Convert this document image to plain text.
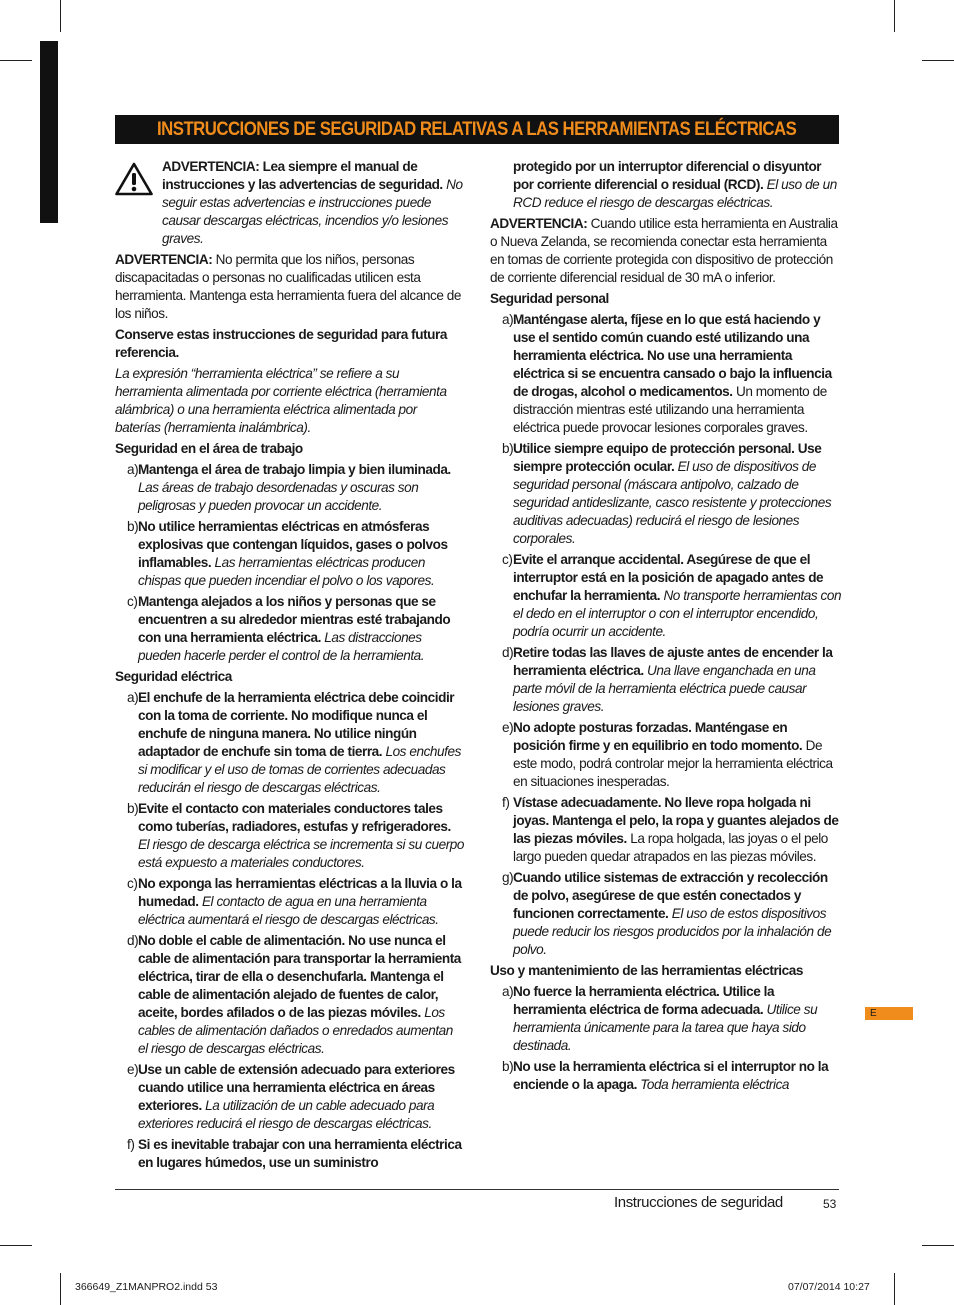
INSTRUCCIONES DE SEGURIDAD RELATIVAS A LAS HERRAMIENTAS ELÉCTRICAS

ADVERTENCIA: Lea siempre el manual de instrucciones y las advertencias de seguridad. No seguir estas advertencias e instrucciones puede causar descargas eléctricas, incendios y/o lesiones graves.

ADVERTENCIA: No permita que los niños, personas discapacitadas o personas no cualificadas utilicen esta herramienta. Mantenga esta herramienta fuera del alcance de los niños.

Conserve estas instrucciones de seguridad para futura referencia.

La expresión “herramienta eléctrica” se refiere a su herramienta alimentada por corriente eléctrica (herramienta alámbrica) o una herramienta eléctrica alimentada por baterías (herramienta inalámbrica).

Seguridad en el área de trabajo

a) Mantenga el área de trabajo limpia y bien iluminada. Las áreas de trabajo desordenadas y oscuras son peligrosas y pueden provocar un accidente.

b) No utilice herramientas eléctricas en atmósferas explosivas que contengan líquidos, gases o polvos inflamables. Las herramientas eléctricas producen chispas que pueden incendiar el polvo o los vapores.

c) Mantenga alejados a los niños y personas que se encuentren a su alrededor mientras esté trabajando con una herramienta eléctrica. Las distracciones pueden hacerle perder el control de la herramienta.

Seguridad eléctrica

a) El enchufe de la herramienta eléctrica debe coincidir con la toma de corriente. No modifique nunca el enchufe de ninguna manera. No utilice ningún adaptador de enchufe sin toma de tierra. Los enchufes si modificar y el uso de tomas de corrientes adecuadas reducirán el riesgo de descargas eléctricas.

b) Evite el contacto con materiales conductores tales como tuberías, radiadores, estufas y refrigeradores. El riesgo de descarga eléctrica se incrementa si su cuerpo está expuesto a materiales conductores.

c) No exponga las herramientas eléctricas a la lluvia o la humedad. El contacto de agua en una herramienta eléctrica aumentará el riesgo de descargas eléctricas.

d) No doble el cable de alimentación. No use nunca el cable de alimentación para transportar la herramienta eléctrica, tirar de ella o desenchufarla. Mantenga el cable de alimentación alejado de fuentes de calor, aceite, bordes afilados o de las piezas móviles. Los cables de alimentación dañados o enredados aumentan el riesgo de descargas eléctricas.

e) Use un cable de extensión adecuado para exteriores cuando utilice una herramienta eléctrica en áreas exteriores. La utilización de un cable adecuado para exteriores reducirá el riesgo de descargas eléctricas.

f) Si es inevitable trabajar con una herramienta eléctrica en lugares húmedos, use un suministro

protegido por un interruptor diferencial o disyuntor por corriente diferencial o residual (RCD). El uso de un RCD reduce el riesgo de descargas eléctricas.

ADVERTENCIA: Cuando utilice esta herramienta en Australia o Nueva Zelanda, se recomienda conectar esta herramienta en tomas de corriente protegida con dispositivo de protección de corriente diferencial residual de 30 mA o inferior.

Seguridad personal

a) Manténgase alerta, fíjese en lo que está haciendo y use el sentido común cuando esté utilizando una herramienta eléctrica. No use una herramienta eléctrica si se encuentra cansado o bajo la influencia de drogas, alcohol o medicamentos. Un momento de distracción mientras esté utilizando una herramienta eléctrica puede provocar lesiones corporales graves.

b) Utilice siempre equipo de protección personal. Use siempre protección ocular. El uso de dispositivos de seguridad personal (máscara antipolvo, calzado de seguridad antideslizante, casco resistente y protecciones auditivas adecuadas) reducirá el riesgo de lesiones corporales.

c) Evite el arranque accidental. Asegúrese de que el interruptor está en la posición de apagado antes de enchufar la herramienta. No transporte herramientas con el dedo en el interruptor o con el interruptor encendido, podría ocurrir un accidente.

d) Retire todas las llaves de ajuste antes de encender la herramienta eléctrica. Una llave enganchada en una parte móvil de la herramienta eléctrica puede causar lesiones graves.

e) No adopte posturas forzadas. Manténgase en posición firme y en equilibrio en todo momento. De este modo, podrá controlar mejor la herramienta eléctrica en situaciones inesperadas.

f) Vístase adecuadamente. No lleve ropa holgada ni joyas. Mantenga el pelo, la ropa y guantes alejados de las piezas móviles. La ropa holgada, las joyas o el pelo largo pueden quedar atrapados en las piezas móviles.

g) Cuando utilice sistemas de extracción y recolección de polvo, asegúrese de que estén conectados y funcionen correctamente. El uso de estos dispositivos puede reducir los riesgos producidos por la inhalación de polvo.

Uso y mantenimiento de las herramientas eléctricas

a) No fuerce la herramienta eléctrica. Utilice la herramienta eléctrica de forma adecuada. Utilice su herramienta únicamente para la tarea que haya sido destinada.

b) No use la herramienta eléctrica si el interruptor no la enciende o la apaga. Toda herramienta eléctrica

E
Instrucciones de seguridad	53
366649_Z1MANPRO2.indd 53	07/07/2014 10:27
